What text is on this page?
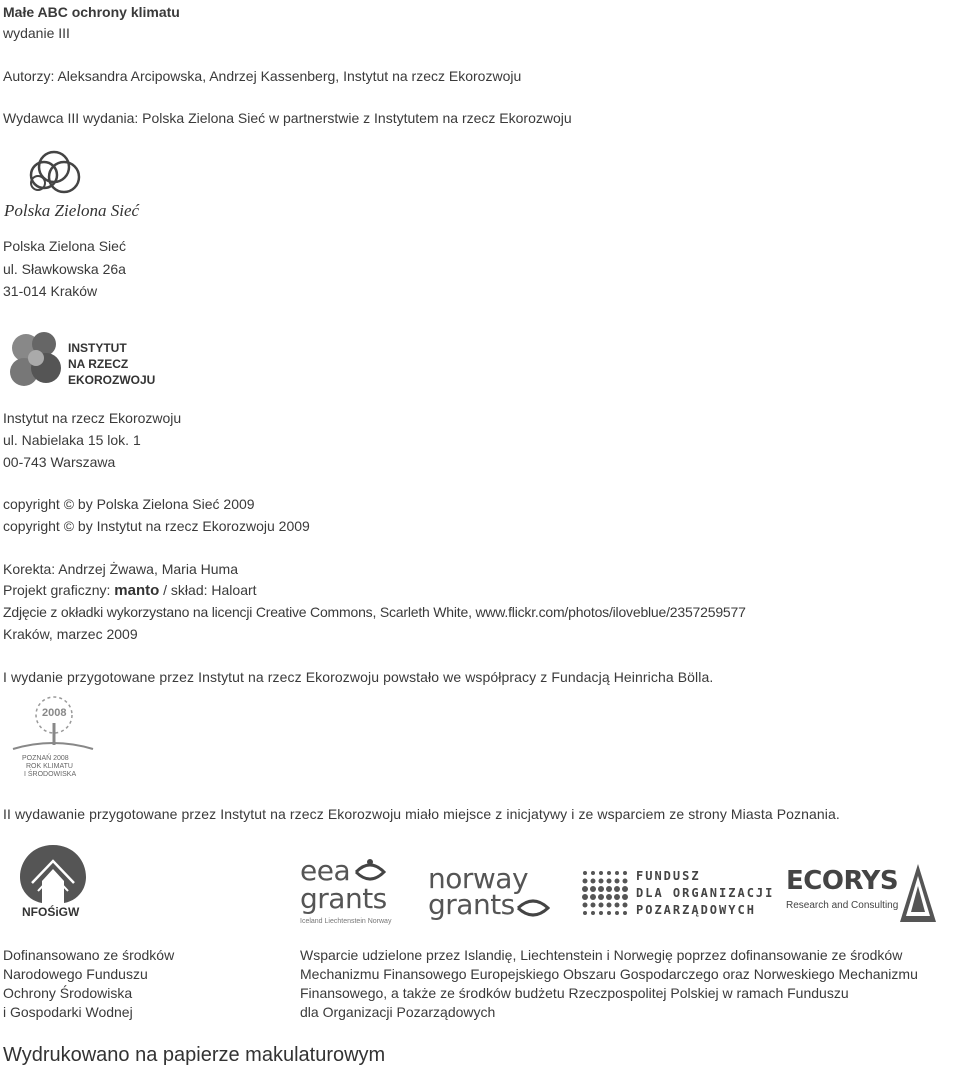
Małe ABC ochrony klimatu
wydanie III
Autorzy: Aleksandra Arcipowska, Andrzej Kassenberg, Instytut na rzecz Ekorozwoju
Wydawca III wydania: Polska Zielona Sieć w partnerstwie z Instytutem na rzecz Ekorozwoju
Polska Zielona Sieć
Polska Zielona Sieć
ul. Sławkowska 26a
31-014 Kraków
INSTYTUT
NA RZECZ
EKOROZWOJU
Instytut na rzecz Ekorozwoju
ul. Nabielaka 15 lok. 1
00-743 Warszawa
copyright © by Polska Zielona Sieć 2009
copyright © by Instytut na rzecz Ekorozwoju 2009
Korekta: Andrzej Żwawa, Maria Huma
Projekt graficzny: manto / skład: Haloart
Zdjęcie z okładki wykorzystano na licencji Creative Commons, Scarleth White, www.flickr.com/photos/iloveblue/2357259577
Kraków, marzec 2009
I wydanie przygotowane przez Instytut na rzecz Ekorozwoju powstało we współpracy z Fundacją Heinricha Bölla.
2008
POZNAŃ 2008
ROK KLIMATU
I ŚRODOWISKA
II wydawanie przygotowane przez Instytut na rzecz Ekorozwoju miało miejsce z inicjatywy i ze wsparciem ze strony Miasta Poznania.
NFOŚiGW
eea
grants
Iceland Liechtenstein Norway
norway
grants
FUNDUSZ
DLA ORGANIZACJI
POZARZĄDOWYCH
ECORYS
Research and Consulting
Dofinansowano ze środków
Narodowego Funduszu
Ochrony Środowiska
i Gospodarki Wodnej
Wsparcie udzielone przez Islandię, Liechtenstein i Norwegię poprzez dofinansowanie ze środków
Mechanizmu Finansowego Europejskiego Obszaru Gospodarczego oraz Norweskiego Mechanizmu
Finansowego, a także ze środków budżetu Rzeczpospolitej Polskiej w ramach Funduszu
dla Organizacji Pozarządowych
Wydrukowano na papierze makulaturowym
